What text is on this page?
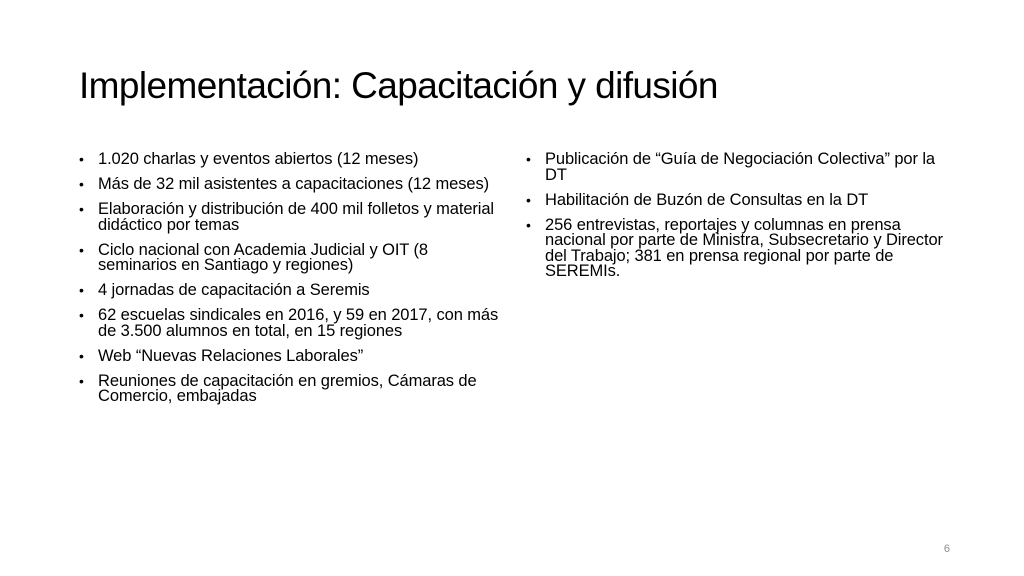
Implementación: Capacitación y difusión
• 1.020 charlas y eventos abiertos (12 meses)
• Más de 32 mil asistentes a capacitaciones (12 meses)
• Elaboración y distribución de 400 mil folletos y material didáctico por temas
• Ciclo nacional con Academia Judicial y OIT (8 seminarios en Santiago y regiones)
• 4 jornadas de capacitación a Seremis
• 62 escuelas sindicales en 2016, y 59 en 2017, con más de 3.500 alumnos en total, en 15 regiones
• Web “Nuevas Relaciones Laborales”
• Reuniones de capacitación en gremios, Cámaras de Comercio, embajadas
• Publicación de “Guía de Negociación Colectiva” por la DT
• Habilitación de Buzón de Consultas en la DT
• 256 entrevistas, reportajes y columnas en prensa nacional por parte de Ministra, Subsecretario y Director del Trabajo; 381 en prensa regional por parte de SEREMIs.
6
